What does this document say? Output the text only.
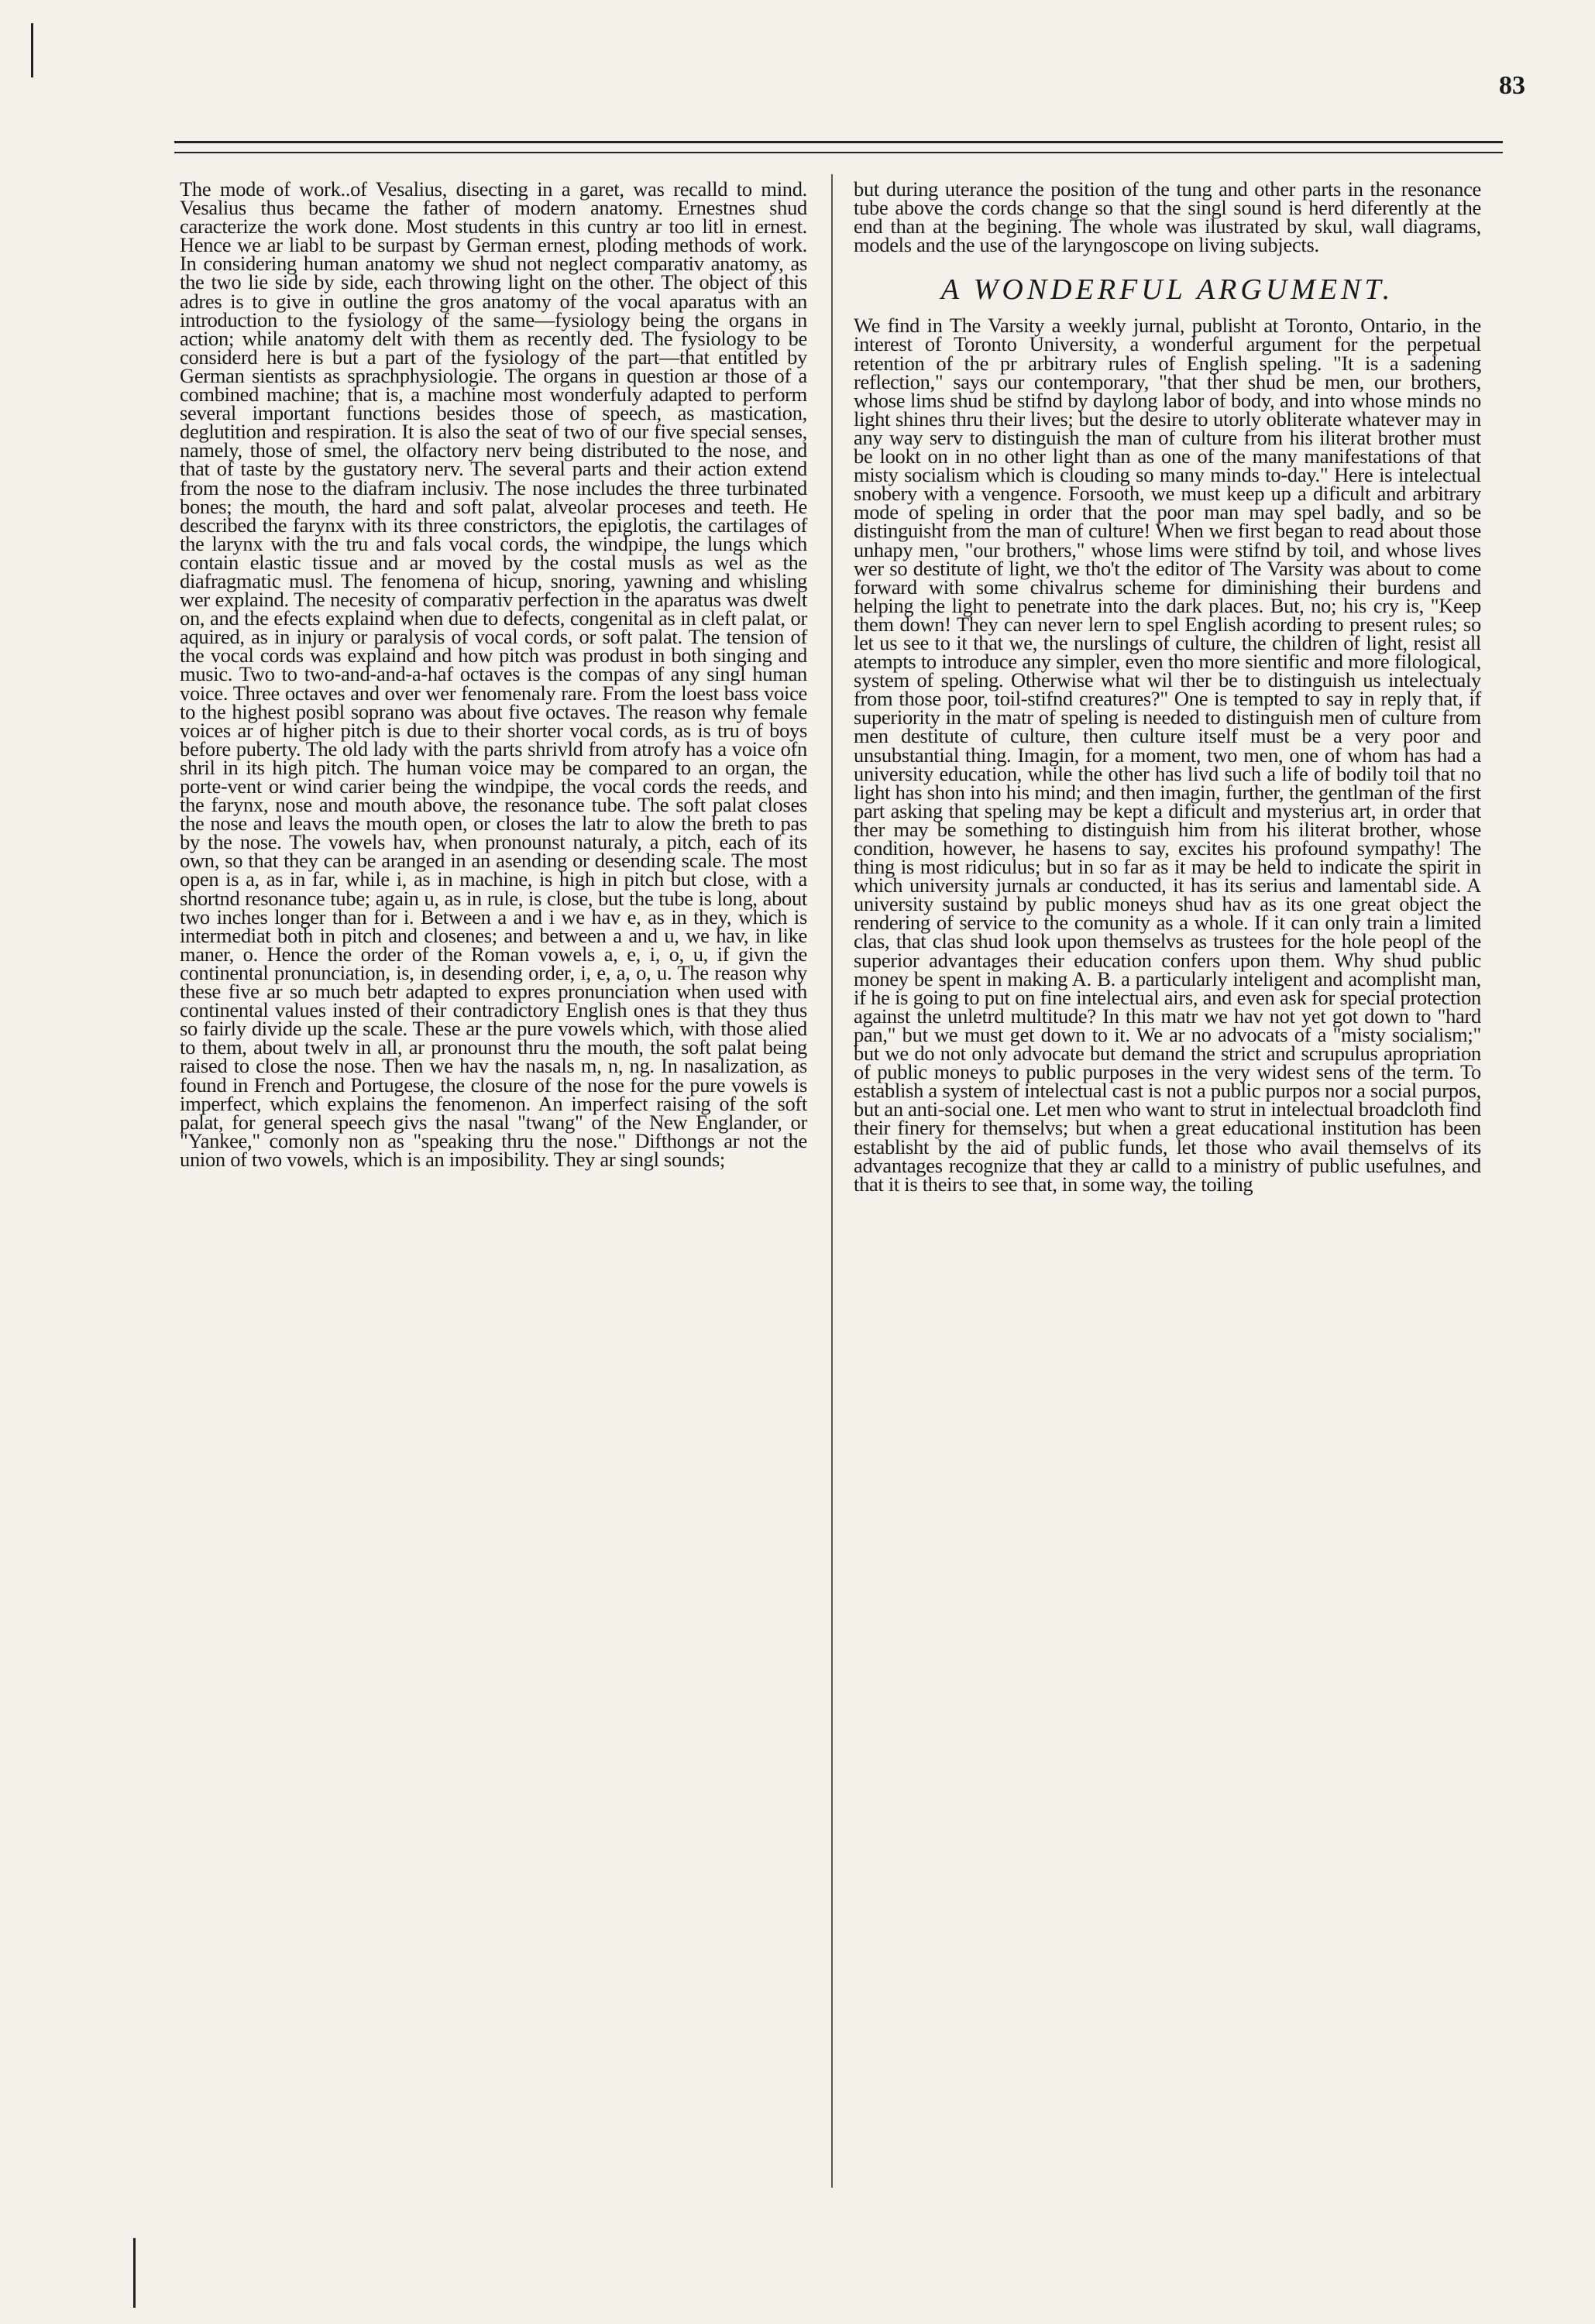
83

The mode of work..of Vesalius, disecting in a garet, was recalld to mind. Vesalius thus became the father of modern anatomy. Ernestnes shud caracterize the work done. Most students in this cuntry ar too litl in ernest. Hence we ar liabl to be surpast by German ernest, ploding methods of work. In considering human anatomy we shud not neglect comparativ anatomy, as the two lie side by side, each throwing light on the other. The object of this adres is to give in outline the gros anatomy of the vocal aparatus with an introduction to the fysiology of the same—fysiology being the organs in action; while anatomy delt with them as recently ded. The fysiology to be considerd here is but a part of the fysiology of the part—that entitled by German sientists as sprachphysiologie. The organs in question ar those of a combined machine; that is, a machine most wonderfuly adapted to perform several important functions besides those of speech, as mastication, deglutition and respiration. It is also the seat of two of our five special senses, namely, those of smel, the olfactory nerv being distributed to the nose, and that of taste by the gustatory nerv. The several parts and their action extend from the nose to the diafram inclusiv. The nose includes the three turbinated bones; the mouth, the hard and soft palat, alveolar proceses and teeth. He described the farynx with its three constrictors, the epiglotis, the cartilages of the larynx with the tru and fals vocal cords, the windpipe, the lungs which contain elastic tissue and ar moved by the costal musls as wel as the diafragmatic musl. The fenomena of hicup, snoring, yawning and whisling wer explaind. The necesity of comparativ perfection in the aparatus was dwelt on, and the efects explaind when due to defects, congenital as in cleft palat, or aquired, as in injury or paralysis of vocal cords, or soft palat. The tension of the vocal cords was explaind and how pitch was produst in both singing and music. Two to two-and-and-a-haf octaves is the compas of any singl human voice. Three octaves and over wer fenomenaly rare. From the loest bass voice to the highest posibl soprano was about five octaves. The reason why female voices ar of higher pitch is due to their shorter vocal cords, as is tru of boys before puberty. The old lady with the parts shrivld from atrofy has a voice ofn shril in its high pitch. The human voice may be compared to an organ, the porte-vent or wind carier being the windpipe, the vocal cords the reeds, and the farynx, nose and mouth above, the resonance tube. The soft palat closes the nose and leavs the mouth open, or closes the latr to alow the breth to pas by the nose. The vowels hav, when pronounst naturaly, a pitch, each of its own, so that they can be aranged in an asending or desending scale. The most open is a, as in far, while i, as in machine, is high in pitch but close, with a shortnd resonance tube; again u, as in rule, is close, but the tube is long, about two inches longer than for i. Between a and i we hav e, as in they, which is intermediat both in pitch and closenes; and between a and u, we hav, in like maner, o. Hence the order of the Roman vowels a, e, i, o, u, if givn the continental pronunciation, is, in desending order, i, e, a, o, u. The reason why these five ar so much betr adapted to expres pronunciation when used with continental values insted of their contradictory English ones is that they thus so fairly divide up the scale. These ar the pure vowels which, with those alied to them, about twelv in all, ar pronounst thru the mouth, the soft palat being raised to close the nose. Then we hav the nasals m, n, ng. In nasalization, as found in French and Portugese, the closure of the nose for the pure vowels is imperfect, which explains the fenomenon. An imperfect raising of the soft palat, for general speech givs the nasal "twang" of the New Englander, or "Yankee," comonly non as "speaking thru the nose." Difthongs ar not the union of two vowels, which is an imposibility. They ar singl sounds;

but during uterance the position of the tung and other parts in the resonance tube above the cords change so that the singl sound is herd diferently at the end than at the begining. The whole was ilustrated by skul, wall diagrams, models and the use of the laryngoscope on living subjects.

A WONDERFUL ARGUMENT.

We find in The Varsity a weekly jurnal, publisht at Toronto, Ontario, in the interest of Toronto University, a wonderful argument for the perpetual retention of the pr arbitrary rules of English speling. "It is a sadening reflection," says our contemporary, "that ther shud be men, our brothers, whose lims shud be stifnd by daylong labor of body, and into whose minds no light shines thru their lives; but the desire to utorly obliterate whatever may in any way serv to distinguish the man of culture from his iliterat brother must be lookt on in no other light than as one of the many manifestations of that misty socialism which is clouding so many minds to-day." Here is intelectual snobery with a vengence. Forsooth, we must keep up a dificult and arbitrary mode of speling in order that the poor man may spel badly, and so be distinguisht from the man of culture! When we first began to read about those unhapy men, "our brothers," whose lims were stifnd by toil, and whose lives wer so destitute of light, we tho't the editor of The Varsity was about to come forward with some chivalrus scheme for diminishing their burdens and helping the light to penetrate into the dark places. But, no; his cry is, "Keep them down! They can never lern to spel English acording to present rules; so let us see to it that we, the nurslings of culture, the children of light, resist all atempts to introduce any simpler, even tho more sientific and more filological, system of speling. Otherwise what wil ther be to distinguish us intelectualy from those poor, toil-stifnd creatures?" One is tempted to say in reply that, if superiority in the matr of speling is needed to distinguish men of culture from men destitute of culture, then culture itself must be a very poor and unsubstantial thing. Imagin, for a moment, two men, one of whom has had a university education, while the other has livd such a life of bodily toil that no light has shon into his mind; and then imagin, further, the gentlman of the first part asking that speling may be kept a dificult and mysterius art, in order that ther may be something to distinguish him from his iliterat brother, whose condition, however, he hasens to say, excites his profound sympathy! The thing is most ridiculus; but in so far as it may be held to indicate the spirit in which university jurnals ar conducted, it has its serius and lamentabl side. A university sustaind by public moneys shud hav as its one great object the rendering of service to the comunity as a whole. If it can only train a limited clas, that clas shud look upon themselvs as trustees for the hole peopl of the superior advantages their education confers upon them. Why shud public money be spent in making A. B. a particularly inteligent and acomplisht man, if he is going to put on fine intelectual airs, and even ask for special protection against the unletrd multitude? In this matr we hav not yet got down to "hard pan," but we must get down to it. We ar no advocats of a "misty socialism;" but we do not only advocate but demand the strict and scrupulus apropriation of public moneys to public purposes in the very widest sens of the term. To establish a system of intelectual cast is not a public purpos nor a social purpos, but an anti-social one. Let men who want to strut in intelectual broadcloth find their finery for themselvs; but when a great educational institution has been establisht by the aid of public funds, let those who avail themselvs of its advantages recognize that they ar calld to a ministry of public usefulnes, and that it is theirs to see that, in some way, the toiling
